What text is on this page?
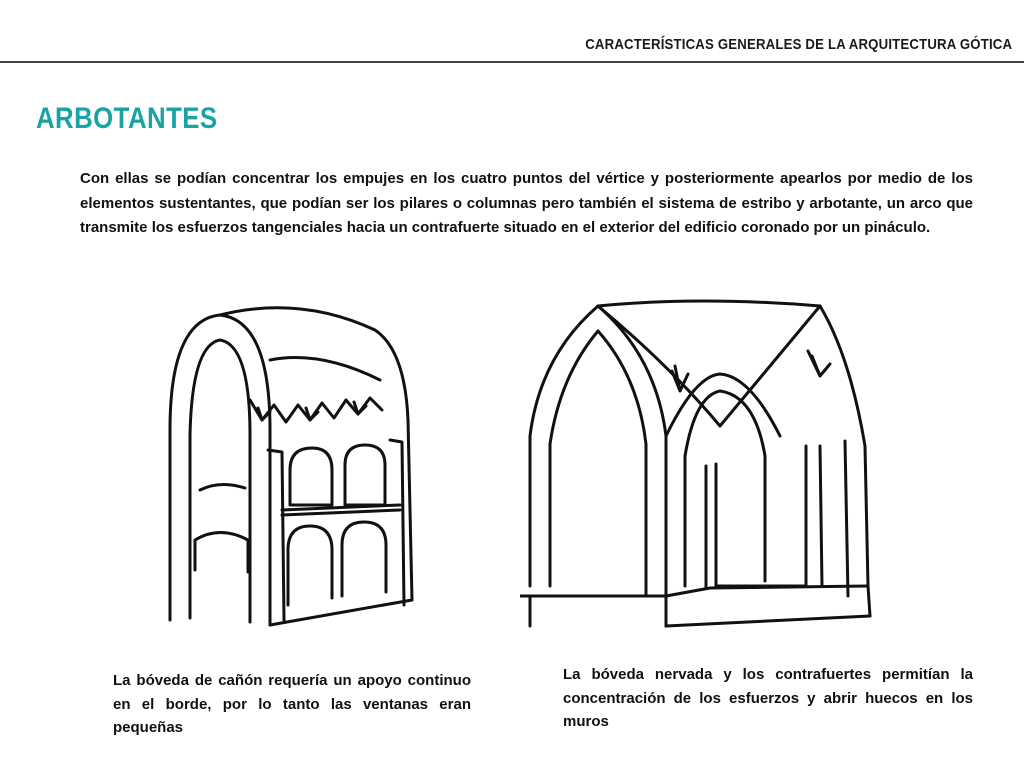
CARACTERÍSTICAS GENERALES DE LA ARQUITECTURA GÓTICA
ARBOTANTES

Con ellas se podían concentrar los empujes en los cuatro puntos del vértice y posteriormente apearlos por medio de los elementos sustentantes, que podían ser los pilares o columnas pero también el sistema de estribo y arbotante, un arco que transmite los esfuerzos tangenciales hacia un contrafuerte situado en el exterior del edificio coronado por un pináculo.

La bóveda de cañón requería un apoyo continuo en el borde, por lo tanto las ventanas eran pequeñas

La bóveda nervada y los contrafuertes permitían la concentración de los esfuerzos y abrir huecos en los muros
